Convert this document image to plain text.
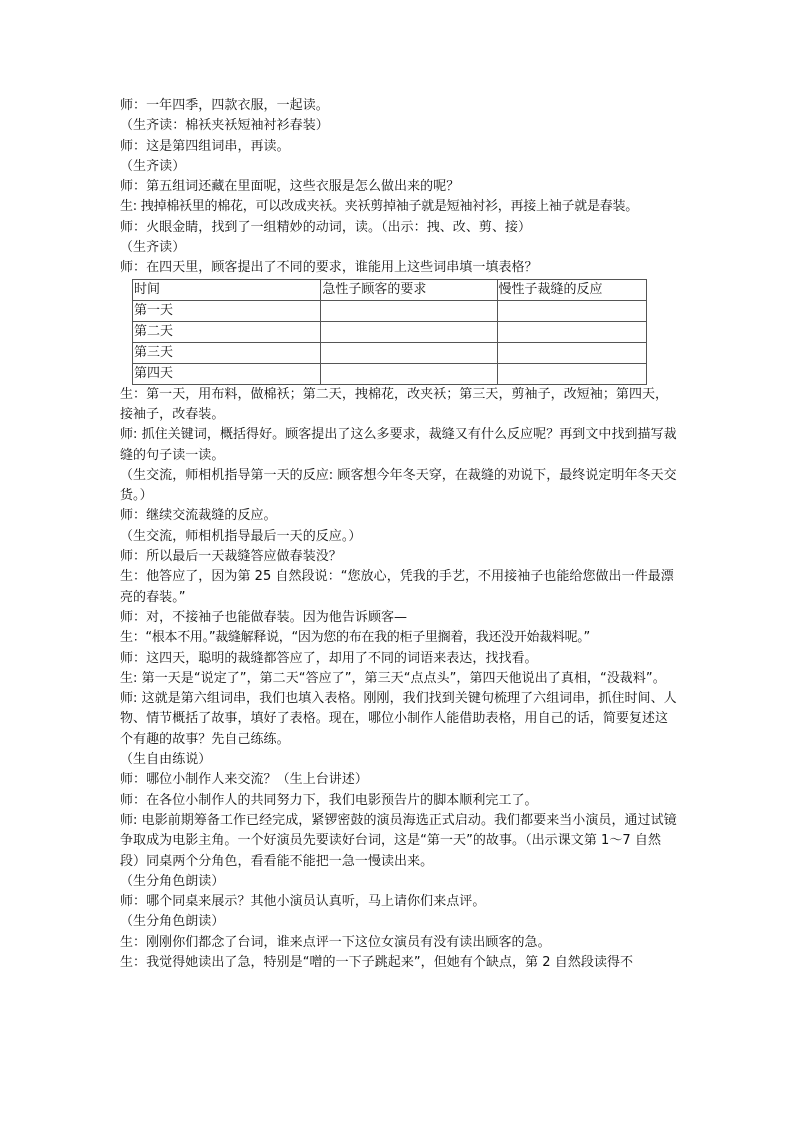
师：一年四季，四款衣服，一起读。

（生齐读：棉袄夹袄短袖衬衫春装）

师：这是第四组词串，再读。

（生齐读）

师：第五组词还藏在里面呢，这些衣服是怎么做出来的呢？

生: 拽掉棉袄里的棉花，可以改成夹袄。夹袄剪掉袖子就是短袖衬衫，再接上袖子就是春装。

师：火眼金睛，找到了一组精妙的动词，读。（出示：拽、改、剪、接）

（生齐读）

师：在四天里，顾客提出了不同的要求，谁能用上这些词串填一填表格？

时间	急性子顾客的要求	慢性子裁缝的反应
第一天		
第二天		
第三天		
第四天		

生：第一天，用布料，做棉袄；第二天，拽棉花，改夹袄；第三天，剪袖子，改短袖；第四天，接袖子，改春装。

师: 抓住关键词，概括得好。顾客提出了这么多要求，裁缝又有什么反应呢？再到文中找到描写裁缝的句子读一读。

（生交流，师相机指导第一天的反应: 顾客想今年冬天穿，在裁缝的劝说下，最终说定明年冬天交货。）

师：继续交流裁缝的反应。

（生交流，师相机指导最后一天的反应。）

师：所以最后一天裁缝答应做春装没？

生：他答应了，因为第 25 自然段说：“您放心，凭我的手艺，不用接袖子也能给您做出一件最漂亮的春装。”

师：对，不接袖子也能做春装。因为他告诉顾客—

生：“根本不用。”裁缝解释说，“因为您的布在我的柜子里搁着，我还没开始裁料呢。”

师：这四天，聪明的裁缝都答应了，却用了不同的词语来表达，找找看。

生: 第一天是“说定了”，第二天“答应了”，第三天“点点头”，第四天他说出了真相，“没裁料”。

师: 这就是第六组词串，我们也填入表格。刚刚，我们找到关键句梳理了六组词串，抓住时间、人物、情节概括了故事，填好了表格。现在，哪位小制作人能借助表格，用自己的话，简要复述这个有趣的故事？先自己练练。

（生自由练说）

师：哪位小制作人来交流？（生上台讲述）

师：在各位小制作人的共同努力下，我们电影预告片的脚本顺利完工了。

师: 电影前期筹备工作已经完成，紧锣密鼓的演员海选正式启动。我们都要来当小演员，通过试镜争取成为电影主角。一个好演员先要读好台词，这是“第一天”的故事。（出示课文第 1～7 自然段）同桌两个分角色，看看能不能把一急一慢读出来。

（生分角色朗读）

师：哪个同桌来展示？其他小演员认真听，马上请你们来点评。

（生分角色朗读）

生：刚刚你们都念了台词，谁来点评一下这位女演员有没有读出顾客的急。

生：我觉得她读出了急，特别是“噌的一下子跳起来”，但她有个缺点，第 2 自然段读得不
